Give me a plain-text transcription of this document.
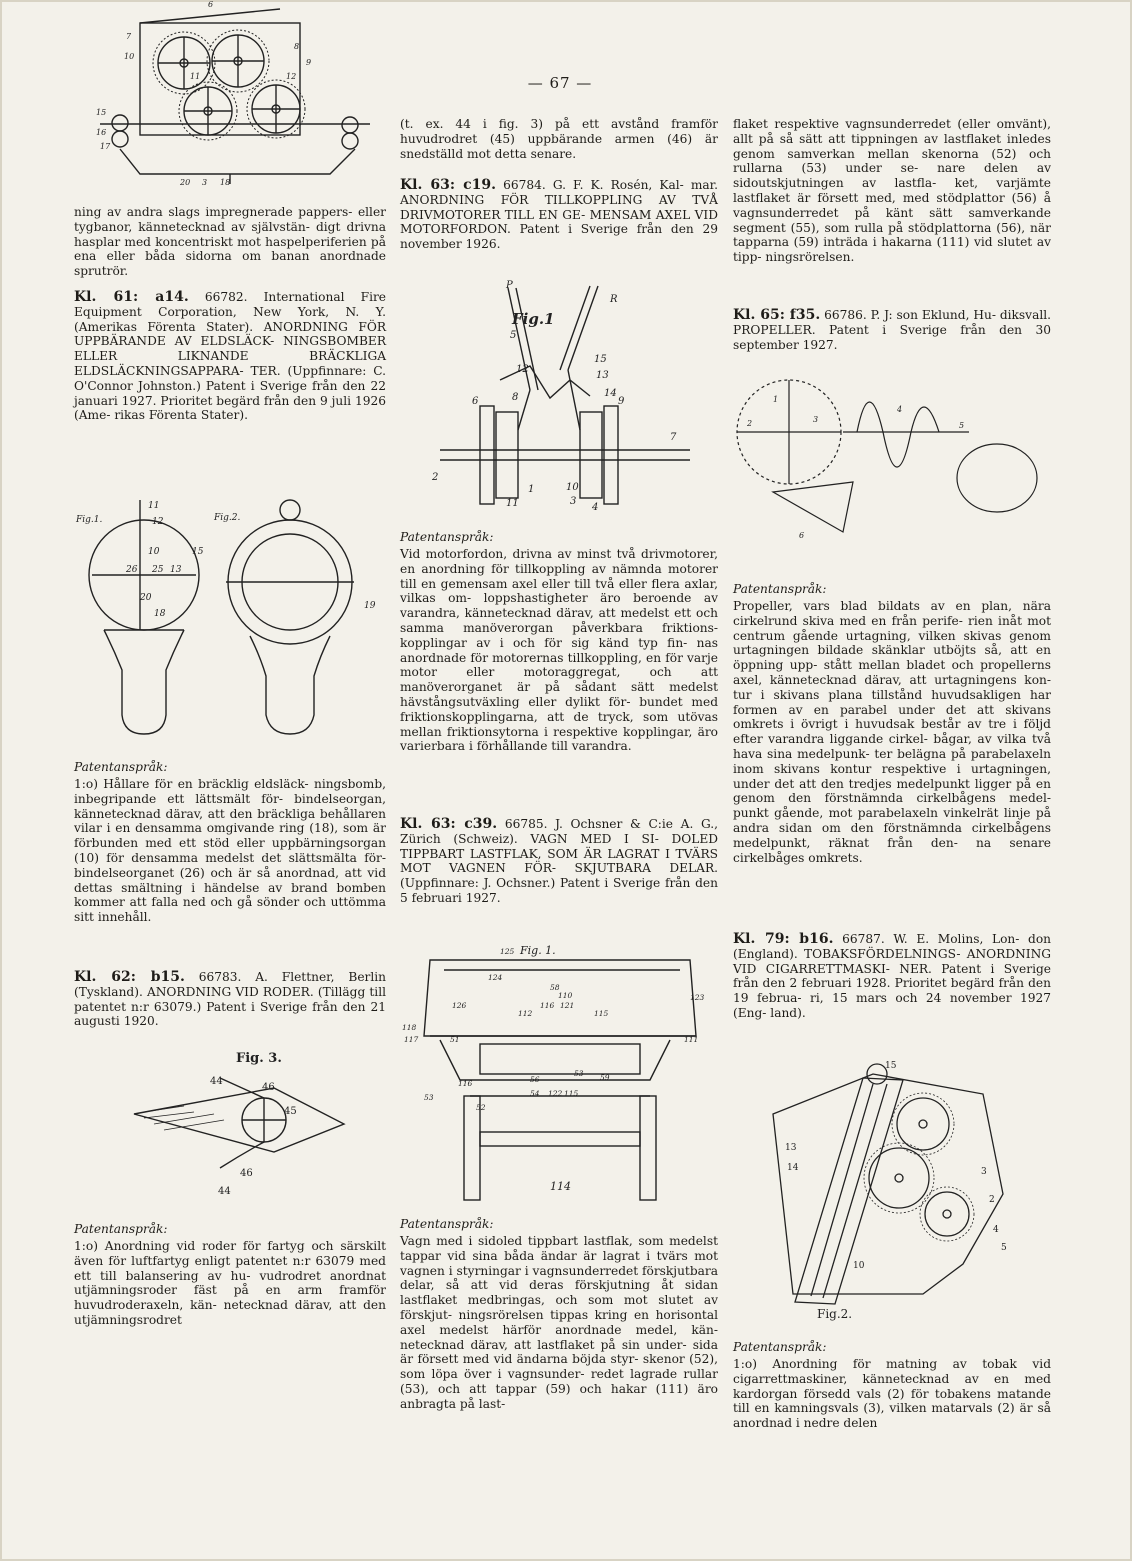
— 67 —
6
7
8
9
10
11	12
15
16
17
20 3 18

ning av andra slags impregnerade pappers- eller tygbanor, kännetecknad av självstän- digt drivna hasplar med koncentriskt mot haspelperiferien på ena eller båda sidorna om banan anordnade sprutrör.

Kl. 61: a14. 66782. International Fire Equipment Corporation, New York, N. Y. (Amerikas Förenta Stater). ANORDNING FÖR UPPBÄRANDE AV ELDSLÄCK- NINGSBOMBER ELLER LIKNANDE BRÄCKLIGA ELDSLÄCKNINGSAPPARA- TER. (Uppfinnare: C. O'Connor Johnston.) Patent i Sverige från den 22 januari 1927. Prioritet begärd från den 9 juli 1926 (Ame- rikas Förenta Stater).

Fig.1.	Fig.2.
11
12
10	15
26 25 13
20
18
19

Patentanspråk:

1:o) Hållare för en bräcklig eldsläck- ningsbomb, inbegripande ett lättsmält för- bindelseorgan, kännetecknad därav, att den bräckliga behållaren vilar i en densamma omgivande ring (18), som är förbunden med ett stöd eller uppbärningsorgan (10) för densamma medelst det slättsmälta för- bindelseorganet (26) och är så anordnad, att vid dettas smältning i händelse av brand bomben kommer att falla ned och gå sönder och uttömma sitt innehåll.

Kl. 62: b15. 66783. A. Flettner, Berlin (Tyskland). ANORDNING VID RODER. (Tillägg till patentet n:r 63079.) Patent i Sverige från den 21 augusti 1920.

Fig. 3.
44
46
45
46
44

Patentanspråk:

1:o) Anordning vid roder för fartyg och särskilt även för luftfartyg enligt patentet n:r 63079 med ett till balansering av hu- vudrodret anordnat utjämningsroder fäst på en arm framför huvudroderaxeln, kän- netecknad därav, att den utjämningsrodret

(t. ex. 44 i fig. 3) på ett avstånd framför huvudrodret (45) uppbärande armen (46) är snedställd mot detta senare.

Kl. 63: c19. 66784. G. F. K. Rosén, Kal- mar. ANORDNING FÖR TILLKOPPLING AV TVÅ DRIVMOTORER TILL EN GE- MENSAM AXEL VID MOTORFORDON. Patent i Sverige från den 29 november 1926.

Fig.1
P
R
5
12
15
13
6	8	14
9
7
2
1	10
3
11	4

Patentanspråk:

Vid motorfordon, drivna av minst två drivmotorer, en anordning för tillkoppling av nämnda motorer till en gemensam axel eller till två eller flera axlar, vilkas om- loppshastigheter äro beroende av varandra, kännetecknad därav, att medelst ett och samma manöverorgan påverkbara friktions- kopplingar av i och för sig känd typ fin- nas anordnade för motorernas tillkoppling, en för varje motor eller motoraggregat, och att manöverorganet är på sådant sätt medelst hävstångsutväxling eller dylikt för- bundet med friktionskopplingarna, att de tryck, som utövas mellan friktionsytorna i respektive kopplingar, äro varierbara i förhållande till varandra.

Kl. 63: c39. 66785. J. Ochsner & C:ie A. G., Zürich (Schweiz). VAGN MED I SI- DOLED TIPPBART LASTFLAK, SOM ÄR LAGRAT I TVÄRS MOT VAGNEN FÖR- SKJUTBARA DELAR. (Uppfinnare: J. Ochsner.) Patent i Sverige från den 5 februari 1927.

Fig. 1.
125
124
58
110
126	116 121
112	115
123
118
117	51	111
116	56
53 59
53
52
54 122 115
114

Patentanspråk:

Vagn med i sidoled tippbart lastflak, som medelst tappar vid sina båda ändar är lagrat i tvärs mot vagnen i styrningar i vagnsunderredet förskjutbara delar, så att vid deras förskjutning åt sidan lastflaket medbringas, och som mot slutet av förskjut- ningsrörelsen tippas kring en horisontal axel medelst härför anordnade medel, kän- netecknad därav, att lastflaket på sin under- sida är försett med vid ändarna böjda styr- skenor (52), som löpa över i vagnsunder- redet lagrade rullar (53), och att tappar (59) och hakar (111) äro anbragta på last-

flaket respektive vagnsunderredet (eller omvänt), allt på så sätt att tippningen av lastflaket inledes genom samverkan mellan skenorna (52) och rullarna (53) under se- nare delen av sidoutskjutningen av lastfla- ket, varjämte lastflaket är försett med, med stödplattor (56) å vagnsunderredet på känt sätt samverkande segment (55), som rulla på stödplattorna (56), när tapparna (59) inträda i hakarna (111) vid slutet av tipp- ningsrörelsen.

Kl. 65: f35. 66786. P. J: son Eklund, Hu- diksvall. PROPELLER. Patent i Sverige från den 30 september 1927.

1
2	3
4
5
6

Patentanspråk:

Propeller, vars blad bildats av en plan, nära cirkelrund skiva med en från perife- rien inåt mot centrum gående urtagning, vilken skivas genom urtagningen bildade skänklar utböjts så, att en öppning upp- stått mellan bladet och propellerns axel, kännetecknad därav, att urtagningens kon- tur i skivans plana tillstånd huvudsakligen har formen av en parabel under det att skivans omkrets i övrigt i huvudsak består av tre i följd efter varandra liggande cirkel- bågar, av vilka två hava sina medelpunk- ter belägna på parabelaxeln inom skivans kontur respektive i urtagningen, under det att den tredjes medelpunkt ligger på en genom den förstnämnda cirkelbågens medel- punkt gående, mot parabelaxeln vinkelrät linje på andra sidan om den förstnämnda cirkelbågens medelpunkt, räknat från den- na senare cirkelbåges omkrets.

Kl. 79: b16. 66787. W. E. Molins, Lon- don (England). TOBAKSFÖRDELNINGS- ANORDNING VID CIGARRETTMASKI- NER. Patent i Sverige från den 2 februari 1928. Prioritet begärd från den 19 februa- ri, 15 mars och 24 november 1927 (Eng- land).

15
13
14	3
2
10
4
5
Fig.2.

Patentanspråk:

1:o) Anordning för matning av tobak vid cigarrettmaskiner, kännetecknad av en med kardorgan försedd vals (2) för tobakens matande till en kamningsvals (3), vilken matarvals (2) är så anordnad i nedre delen
